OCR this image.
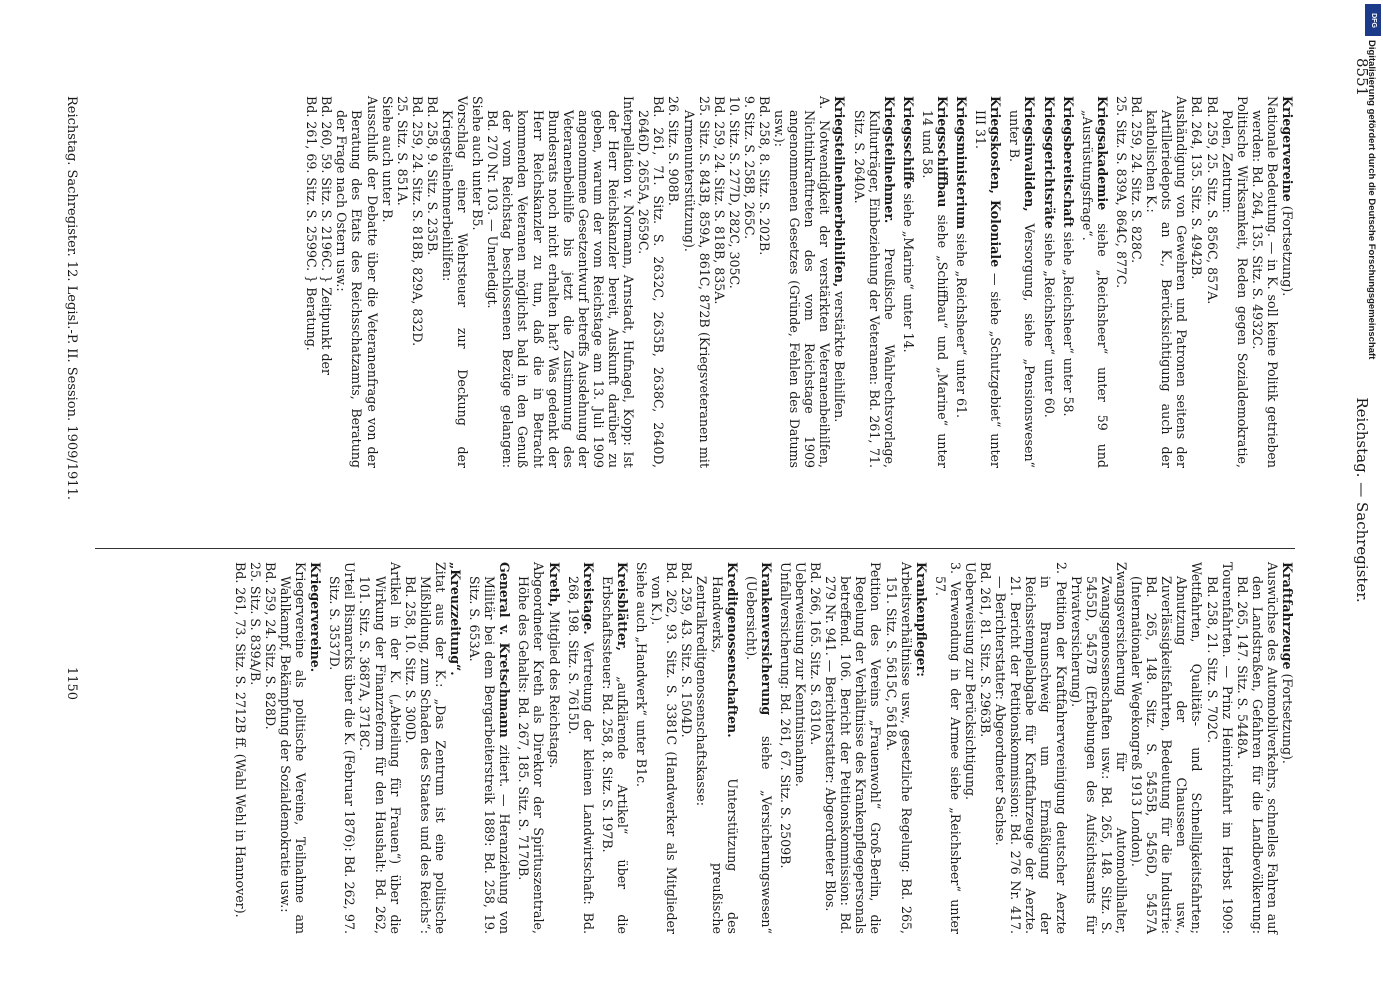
8551
Reichstag. — Sachregister.
Kriegervereine (Fortsetzung).
Nationale Bedeutung. — in K. soll keine Politik getrieben werden: Bd. 264, 135. Sitz. S. 4932C.
Politische Wirksamkeit, Reden gegen Sozialdemokratie, Polen, Zentrum:
Bd. 259, 25. Sitz. S. 856C, 857A.
Bd. 264, 135. Sitz. S. 4942B.
Aushändigung von Gewehren und Patronen seitens der Artilleriedepots an K., Berücksichtigung auch der katholischen K.:
Bd. 259, 24. Sitz. S. 828C.
25. Sitz. S. 839A, 864C, 877C.
Kriegsakademie siehe „Reichsheer“ unter 59 und „Ausrüstungsfrage“.
Kriegsbereitschaft siehe „Reichsheer“ unter 58.
Kriegsgerichtsräte siehe „Reichsheer“ unter 60.
Kriegsinvaliden, Versorgung, siehe „Pensionswesen“ unter B.
Kriegskosten, Koloniale — siehe „Schutzgebiet“ unter III 31.
Kriegsministerium siehe „Reichsheer“ unter 61.
Kriegsschiffbau siehe „Schiffbau“ und „Marine“ unter 14 und 58.
Kriegsschiffe siehe „Marine“ unter 14.
Kriegsteilnehmer. Preußische Wahlrechtsvorlage, Kulturträger, Einbeziehung der Veteranen: Bd. 261, 71. Sitz. S. 2640A.
Kriegsteilnehmerbeihilfen, verstärkte Beihilfen.
A. Notwendigkeit der verstärkten Veteranenbeihilfen, Nichtinkrafttreten des vom Reichstage 1909 angenommenen Gesetzes (Gründe, Fehlen des Datums usw.):
Bd. 258, 8. Sitz. S. 202B.
9. Sitz. S. 258B, 265C.
10. Sitz. S. 277D, 282C, 305C.
Bd. 259, 24. Sitz. S. 818B, 835A.
25. Sitz. S. 843B, 859A, 861C, 872B (Kriegsveteranen mit Armenunterstützung).
26. Sitz. S. 908B.
Bd. 261, 71. Sitz. S. 2632C, 2635B, 2638C, 2640D, 2646D, 2655A, 2659C.
Interpellation v. Normann, Arnstadt, Hufnagel, Kopp: Ist der Herr Reichskanzler bereit, Auskunft darüber zu geben, warum der vom Reichstage am 13. Juli 1909 angenommene Gesetzentwurf betreffs Ausdehnung der Veteranenbeihilfe bis jetzt die Zustimmung des Bundesrats noch nicht erhalten hat? Was gedenkt der Herr Reichskanzler zu tun, daß die in Betracht kommenden Veteranen möglichst bald in den Genuß der vom Reichstag beschlossenen Bezüge gelangen: Bd. 270 Nr. 103. — Unerledigt.
Siehe auch unter B5.
Vorschlag einer Wehrsteuer zur Deckung der Kriegsteilnehmerbeihilfen:
Bd. 258, 9. Sitz. S. 235B.
Bd. 259, 24. Sitz. S. 818B, 829A, 832D.
25. Sitz. S. 851A.
Siehe auch unter B.
Ausschluß der Debatte über die Veteranenfrage von der Beratung des Etats des Reichsschatzamts, Beratung der Frage nach Ostern usw.:
Bd. 260, 59. Sitz. S. 2196C. } Zeitpunkt der
Bd. 261, 69. Sitz. S. 2599C. } Beratung.
Kraftfahrzeuge (Fortsetzung).
Auswüchse des Automobilverkehrs, schnelles Fahren auf den Landstraßen, Gefahren für die Landbevölkerung: Bd. 265, 147. Sitz. S. 5448A.
Tourenfahrten. — Prinz Heinrichfahrt im Herbst 1909: Bd. 258, 21. Sitz. S. 702C.
Wettfahrten, Qualitäts- und Schnelligkeitsfahrten; Abnutzung der Chausseen usw., Zuverlässigkeitsfahrten, Bedeutung für die Industrie: Bd. 265, 148. Sitz. S. 5455B, 5456D, 5457A (Internationaler Wegekongreß 1913 London).
Zwangsversicherung für Automobilhalter, Zwangsgenossenschaften usw.: Bd. 265, 148. Sitz. S. 5455D, 5457B (Erhebungen des Aufsichtsamts für Privatversicherung).
2. Petition der Kraftfahrervereinigung deutscher Aerzte in Braunschweig um Ermäßigung der Reichsstempelabgabe für Kraftfahrzeuge der Aerzte. 21. Bericht der Petitionskommission: Bd. 276 Nr. 417. — Berichterstatter: Abgeordneter Sachse.
Bd. 261, 81. Sitz. S. 2963B.
Ueberweisung zur Berücksichtigung.
3. Verwendung in der Armee siehe „Reichsheer“ unter 57.
Krankenpfleger:
Arbeitsverhältnisse usw., gesetzliche Regelung: Bd. 265, 151. Sitz. S. 5615C, 5618A.
Petition des Vereins „Frauenwohl“ Groß-Berlin, die Regelung der Verhältnisse des Krankenpflegepersonals betreffend. 106. Bericht der Petitionskommission: Bd. 279 Nr. 941. — Berichterstatter: Abgeordneter Blos.
Bd. 266, 165. Sitz. S. 6310A.
Ueberweisung zur Kenntnisnahme.
Unfallversicherung: Bd. 261, 67. Sitz. S. 2509B.
Krankenversicherung siehe „Versicherungswesen“ (Uebersicht).
Kreditgenossenschaften. Unterstützung des Handwerks, preußische Zentralkreditgenossenschaftskasse:
Bd. 259, 43. Sitz. S. 1504D.
Bd. 262, 93. Sitz. S. 3381C (Handwerker als Mitglieder von K.).
Siehe auch „Handwerk“ unter B1c.
Kreisblätter, „aufklärende Artikel“ über die Erbschaftssteuer: Bd. 258, 8. Sitz. S. 197B.
Kreistage. Vertretung der kleinen Landwirtschaft: Bd. 268, 198. Sitz. S. 7615D.
Kreth, Mitglied des Reichstags.
Abgeordneter Kreth als Direktor der Spirituszentrale, Höhe des Gehalts: Bd. 267, 185. Sitz. S. 7170B.
General v. Kretschmann zitiert. — Heranziehung von Militär bei dem Bergarbeiterstreik 1889: Bd. 258, 19. Sitz. S. 653A.
„Kreuzzeitung“.
Zitat aus der K.: „Das Zentrum ist eine politische Mißbildung, zum Schaden des Staates und des Reichs“: Bd. 258, 10. Sitz. S. 300D.
Artikel in der K. („Abteilung für Frauen“) über die Wirkung der Finanzreform für den Haushalt: Bd. 262, 101. Sitz. S. 3687A, 3718C.
Urteil Bismarcks über die K. (Februar 1876): Bd. 262, 97. Sitz. S. 3537D.
Kriegervereine.
Kriegervereine als politische Vereine, Teilnahme am Wahlkampf, Bekämpfung der Sozialdemokratie usw.:
Bd. 259, 24. Sitz. S. 828D.
25. Sitz. S. 839A/B.
Bd. 261, 73. Sitz. S. 2712B ff. (Wahl Wehl in Hannover).
Reichstag. Sachregister. 12. Legisl.-P. II. Session. 1909/1911.
1150
DFG
Digitalisierung gefördert durch die Deutsche Forschungsgemeinschaft
